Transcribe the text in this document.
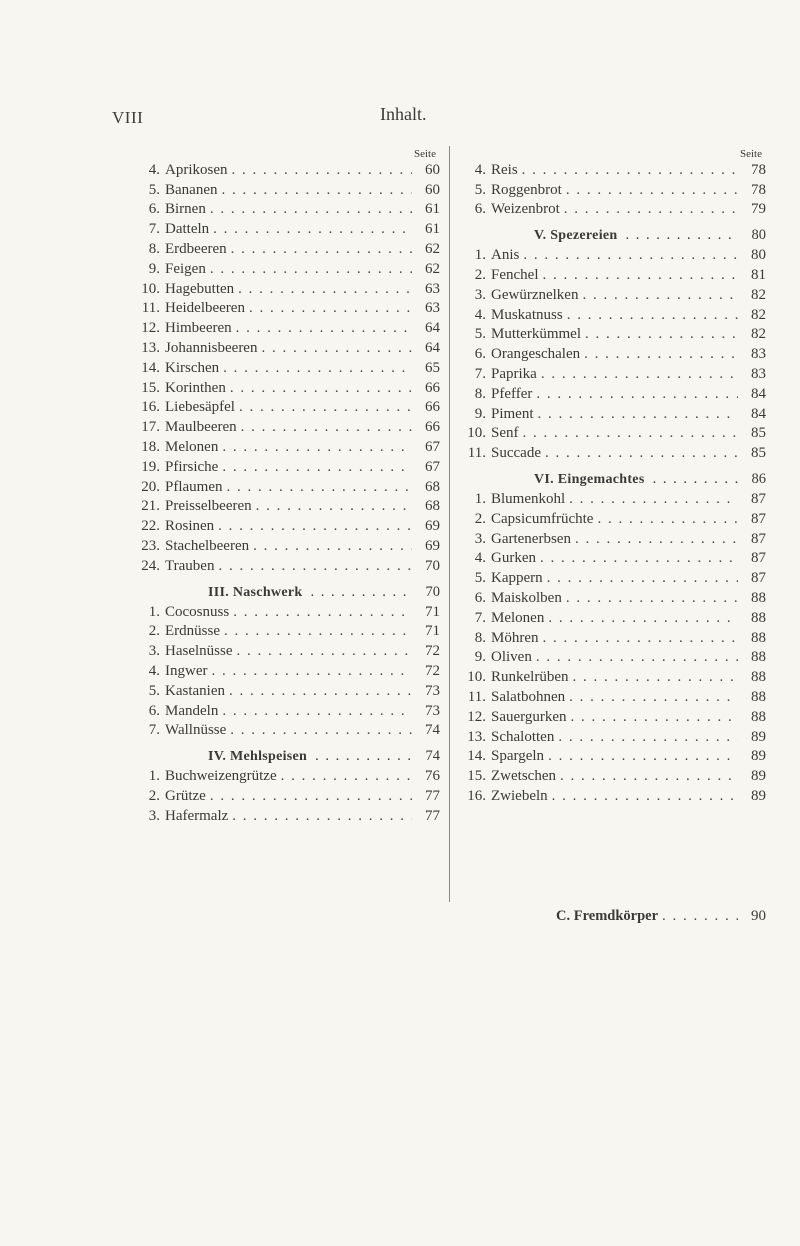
VIII	Inhalt.
Seite
4. Aprikosen . . .	60
5. Bananen . . .	60
6. Birnen . . .	61
7. Datteln . . .	61
8. Erdbeeren . . .	62
9. Feigen . . .	62
10. Hagebutten . . .	63
11. Heidelbeeren . . .	63
12. Himbeeren . . .	64
13. Johannisbeeren . . .	64
14. Kirschen . . .	65
15. Korinthen . . .	66
16. Liebesäpfel . . .	66
17. Maulbeeren . . .	66
18. Melonen . . .	67
19. Pfirsiche . . .	67
20. Pflaumen . . .	68
21. Preisselbeeren . . .	68
22. Rosinen . . .	69
23. Stachelbeeren . . .	69
24. Trauben . . .	70
III. Naschwerk . . .	70
1. Cocosnuss . . .	71
2. Erdnüsse . . .	71
3. Haselnüsse . . .	72
4. Ingwer . . .	72
5. Kastanien . . .	73
6. Mandeln . . .	73
7. Wallnüsse . . .	74
IV. Mehlspeisen . . .	74
1. Buchweizengrütze . . .	76
2. Grütze . . .	77
3. Hafermalz . . .	77
Seite
4. Reis . . .	78
5. Roggenbrot . . .	78
6. Weizenbrot . . .	79
V. Spezereien . . .	80
1. Anis . . .	80
2. Fenchel . . .	81
3. Gewürznelken . . .	82
4. Muskatnuss . . .	82
5. Mutterkümmel . . .	82
6. Orangeschalen . . .	83
7. Paprika . . .	83
8. Pfeffer . . .	84
9. Piment . . .	84
10. Senf . . .	85
11. Succade . . .	85
VI. Eingemachtes . . .	86
1. Blumenkohl . . .	87
2. Capsicumfrüchte . . .	87
3. Gartenerbsen . . .	87
4. Gurken . . .	87
5. Kappern . . .	87
6. Maiskolben . . .	88
7. Melonen . . .	88
8. Möhren . . .	88
9. Oliven . . .	88
10. Runkelrüben . . .	88
11. Salatbohnen . . .	88
12. Sauergurken . . .	88
13. Schalotten . . .	89
14. Spargeln . . .	89
15. Zwetschen . . .	89
16. Zwiebeln . . .	89
C. Fremdkörper . . .	90
